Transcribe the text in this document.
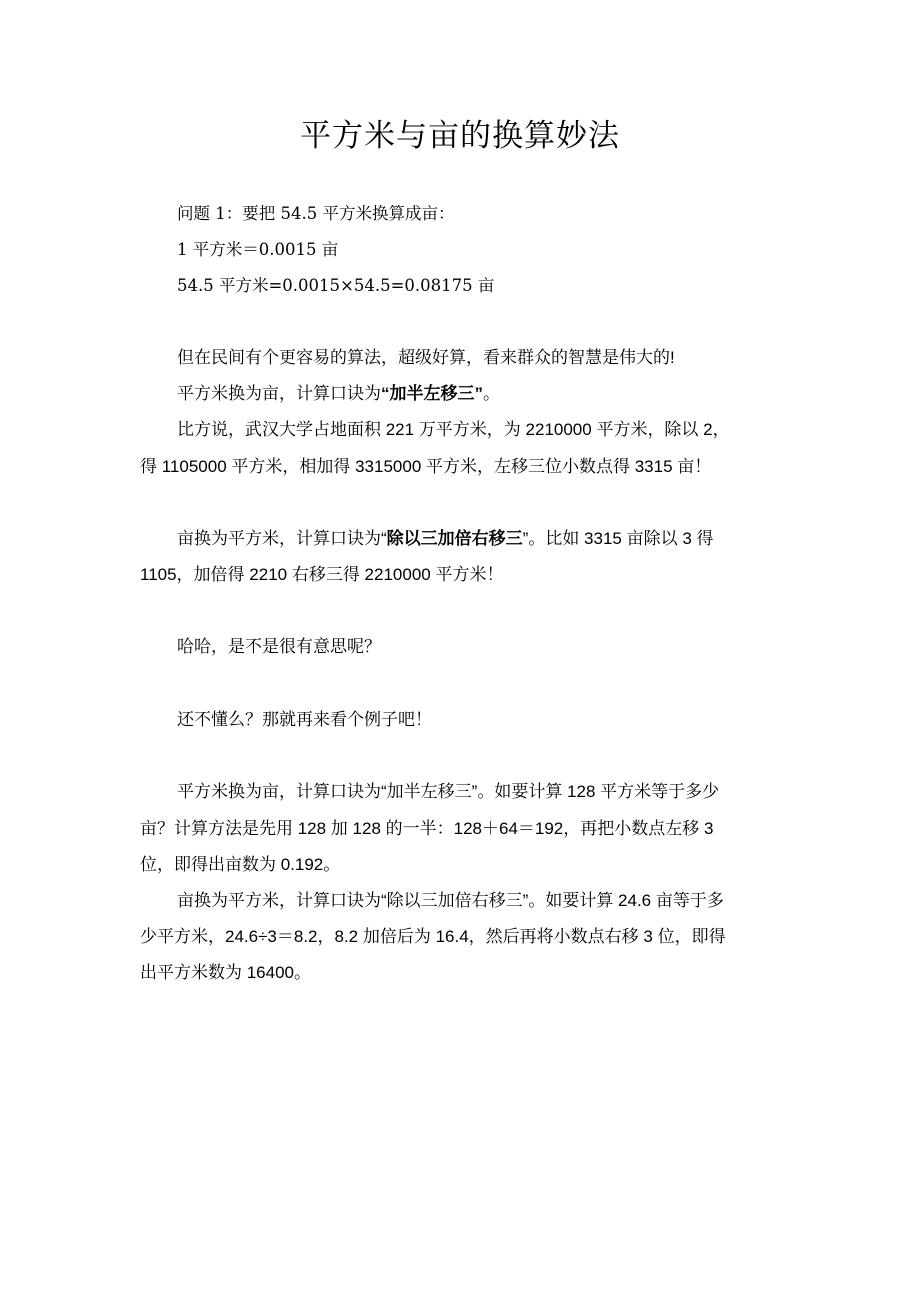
平方米与亩的换算妙法
问题 1：要把 54.5 平方米换算成亩：
1 平方米＝0.0015 亩
54.5 平方米=0.0015×54.5=0.08175 亩
但在民间有个更容易的算法，超级好算，看来群众的智慧是伟大的!
平方米换为亩，计算口诀为“加半左移三”。
比方说，武汉大学占地面积 221 万平方米，为 2210000 平方米，除以 2，
得 1105000 平方米，相加得 3315000 平方米，左移三位小数点得 3315 亩！
亩换为平方米，计算口诀为“除以三加倍右移三”。比如 3315 亩除以 3 得
1105，加倍得 2210 右移三得 2210000 平方米！
哈哈，是不是很有意思呢？
还不懂么？那就再来看个例子吧！
平方米换为亩，计算口诀为“加半左移三”。如要计算 128 平方米等于多少
亩？计算方法是先用 128 加 128 的一半：128＋64＝192，再把小数点左移 3
位，即得出亩数为 0.192。
亩换为平方米，计算口诀为“除以三加倍右移三”。如要计算 24.6 亩等于多
少平方米，24.6÷3＝8.2，8.2 加倍后为 16.4，然后再将小数点右移 3 位，即得
出平方米数为 16400。
